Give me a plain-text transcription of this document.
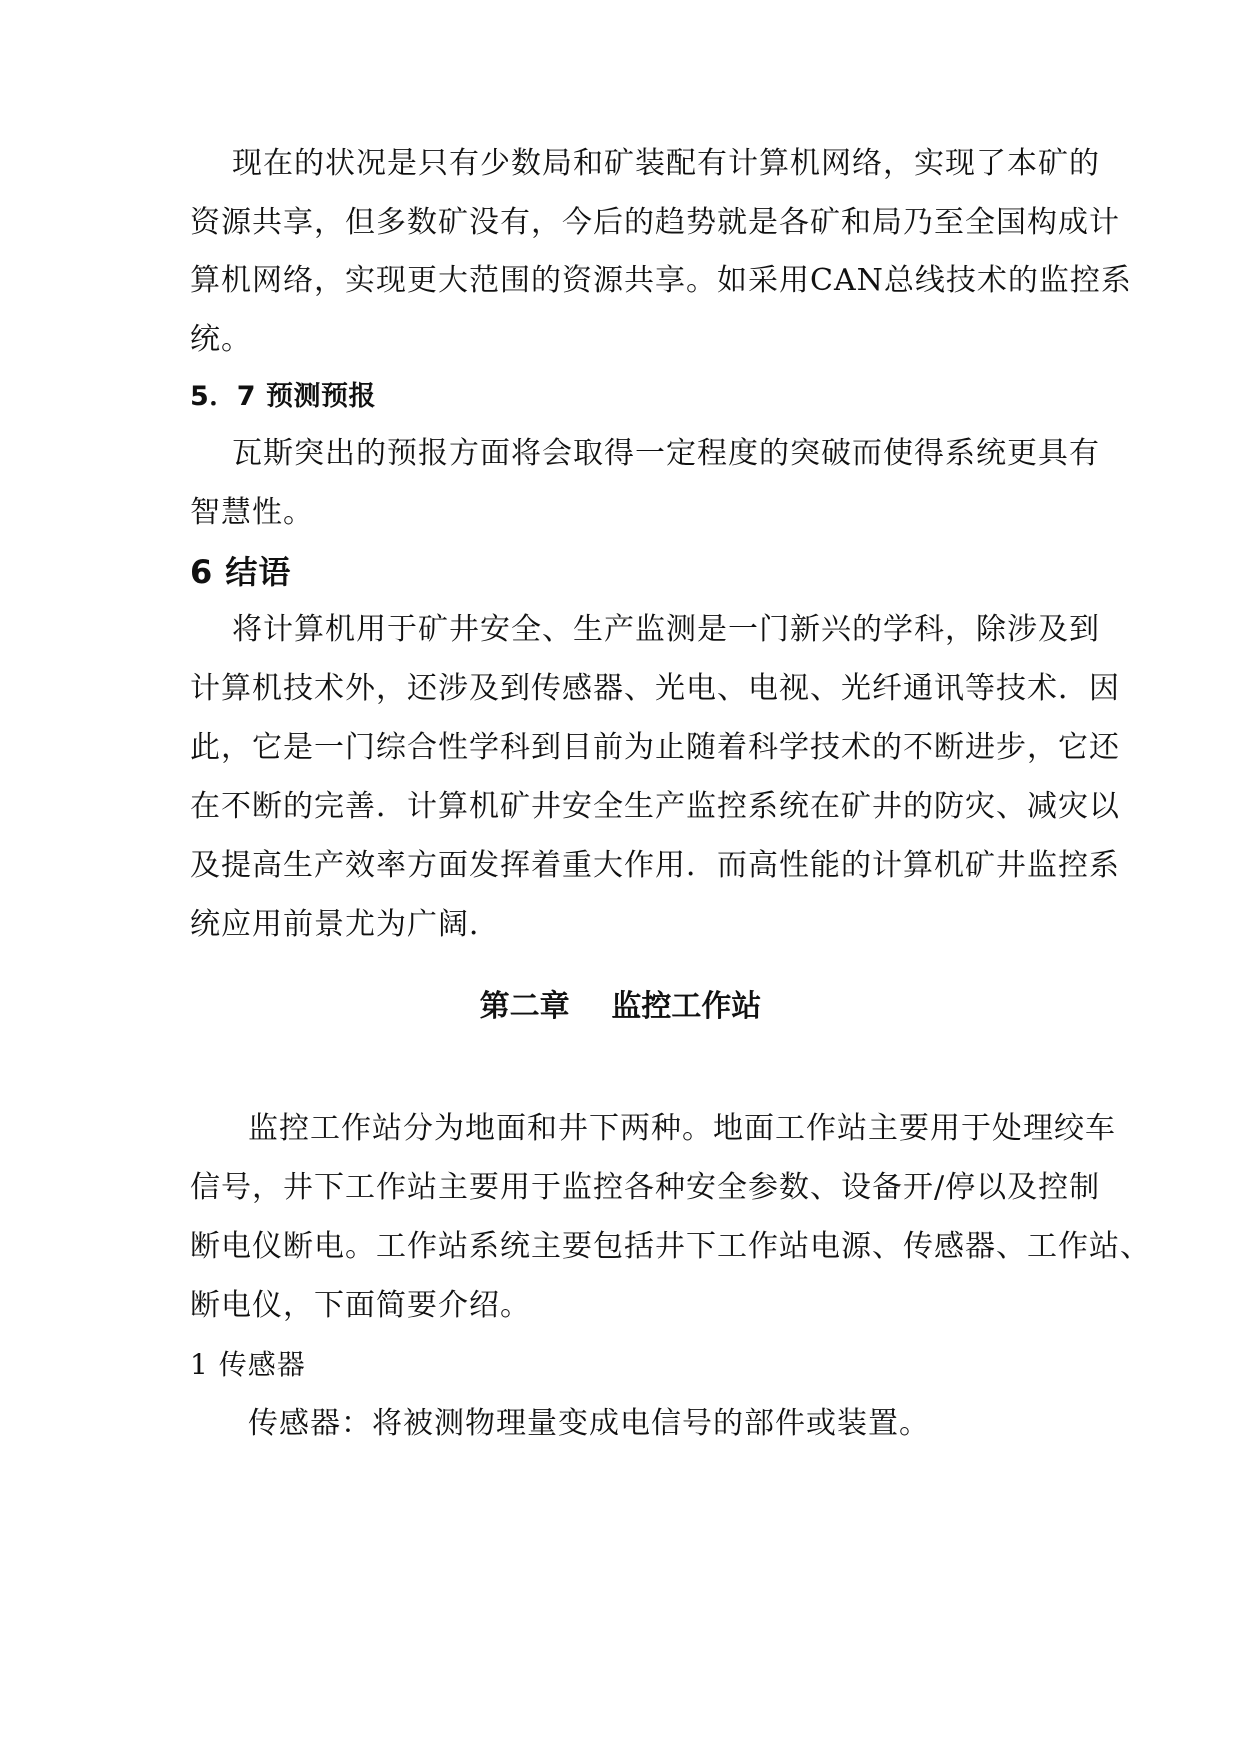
现在的状况是只有少数局和矿装配有计算机网络，实现了本矿的
资源共享，但多数矿没有，今后的趋势就是各矿和局乃至全国构成计
算机网络，实现更大范围的资源共享。如采用CAN总线技术的监控系
统。
5．7 预测预报
瓦斯突出的预报方面将会取得一定程度的突破而使得系统更具有
智慧性。
6 结语
将计算机用于矿井安全、生产监测是一门新兴的学科，除涉及到
计算机技术外，还涉及到传感器、光电、电视、光纤通讯等技术．因
此，它是一门综合性学科到目前为止随着科学技术的不断进步，它还
在不断的完善．计算机矿井安全生产监控系统在矿井的防灾、减灾以
及提高生产效率方面发挥着重大作用．而高性能的计算机矿井监控系
统应用前景尤为广阔．
第二章    监控工作站
监控工作站分为地面和井下两种。地面工作站主要用于处理绞车
信号，井下工作站主要用于监控各种安全参数、设备开/停以及控制
断电仪断电。工作站系统主要包括井下工作站电源、传感器、工作站、
断电仪，下面简要介绍。
1 传感器
传感器：将被测物理量变成电信号的部件或装置。
